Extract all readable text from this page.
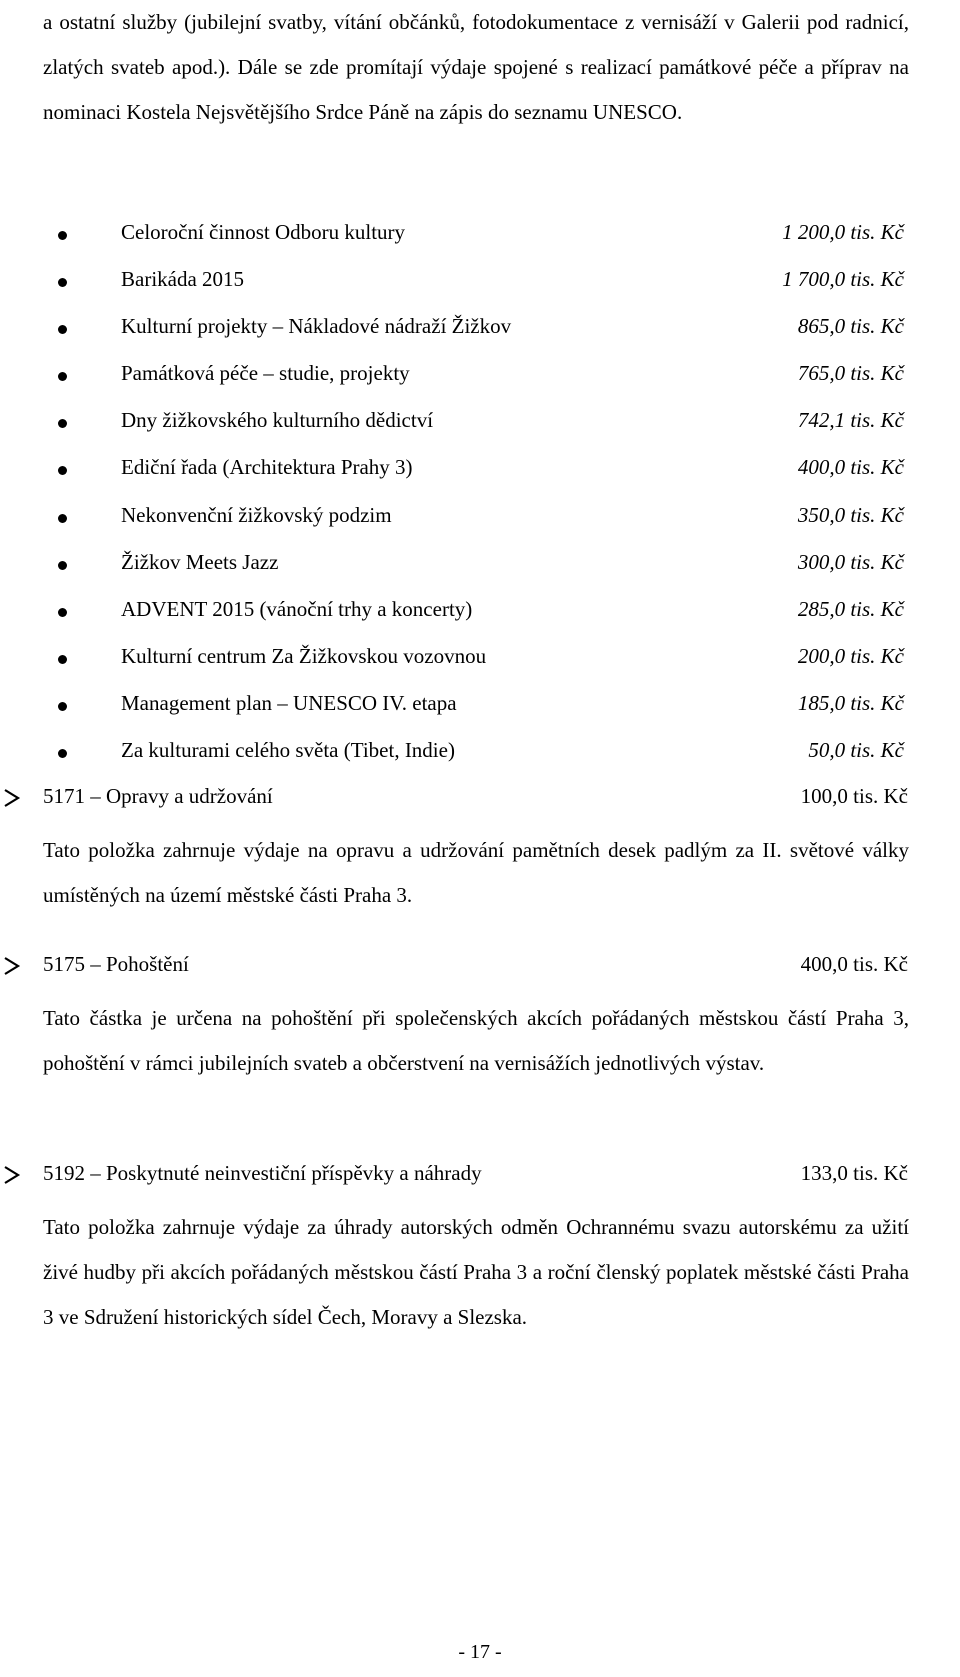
a ostatní služby (jubilejní svatby, vítání občánků, fotodokumentace z vernisáží v Galerii pod radnicí, zlatých svateb apod.). Dále se zde promítají výdaje spojené s realizací památkové péče a příprav na nominaci Kostela Nejsvětějšího Srdce Páně na zápis do seznamu UNESCO.

Celoroční činnost Odboru kultury	1 200,0 tis. Kč
Barikáda 2015	1 700,0 tis. Kč
Kulturní projekty – Nákladové nádraží Žižkov	865,0 tis. Kč
Památková péče – studie, projekty	765,0 tis. Kč
Dny žižkovského kulturního dědictví	742,1 tis. Kč
Ediční řada (Architektura Prahy 3)	400,0 tis. Kč
Nekonvenční žižkovský podzim	350,0 tis. Kč
Žižkov Meets Jazz	300,0 tis. Kč
ADVENT 2015 (vánoční trhy a koncerty)	285,0 tis. Kč
Kulturní centrum Za Žižkovskou vozovnou	200,0 tis. Kč
Management plan – UNESCO IV. etapa	185,0 tis. Kč
Za kulturami celého světa (Tibet, Indie)	50,0 tis. Kč
5171 – Opravy a udržování	100,0 tis. Kč

Tato položka zahrnuje výdaje na opravu a udržování pamětních desek padlým za II. světové války umístěných na území městské části Praha 3.

5175 – Pohoštění	400,0 tis. Kč

Tato částka je určena na pohoštění při společenských akcích pořádaných městskou částí Praha 3, pohoštění v rámci jubilejních svateb a občerstvení na vernisážích jednotlivých výstav.

5192 – Poskytnuté neinvestiční příspěvky a náhrady	133,0 tis. Kč

Tato položka zahrnuje výdaje za úhrady autorských odměn Ochrannému svazu autorskému za užití živé hudby při akcích pořádaných městskou částí Praha 3 a roční členský poplatek městské části Praha 3 ve Sdružení historických sídel Čech, Moravy a Slezska.

- 17 -
